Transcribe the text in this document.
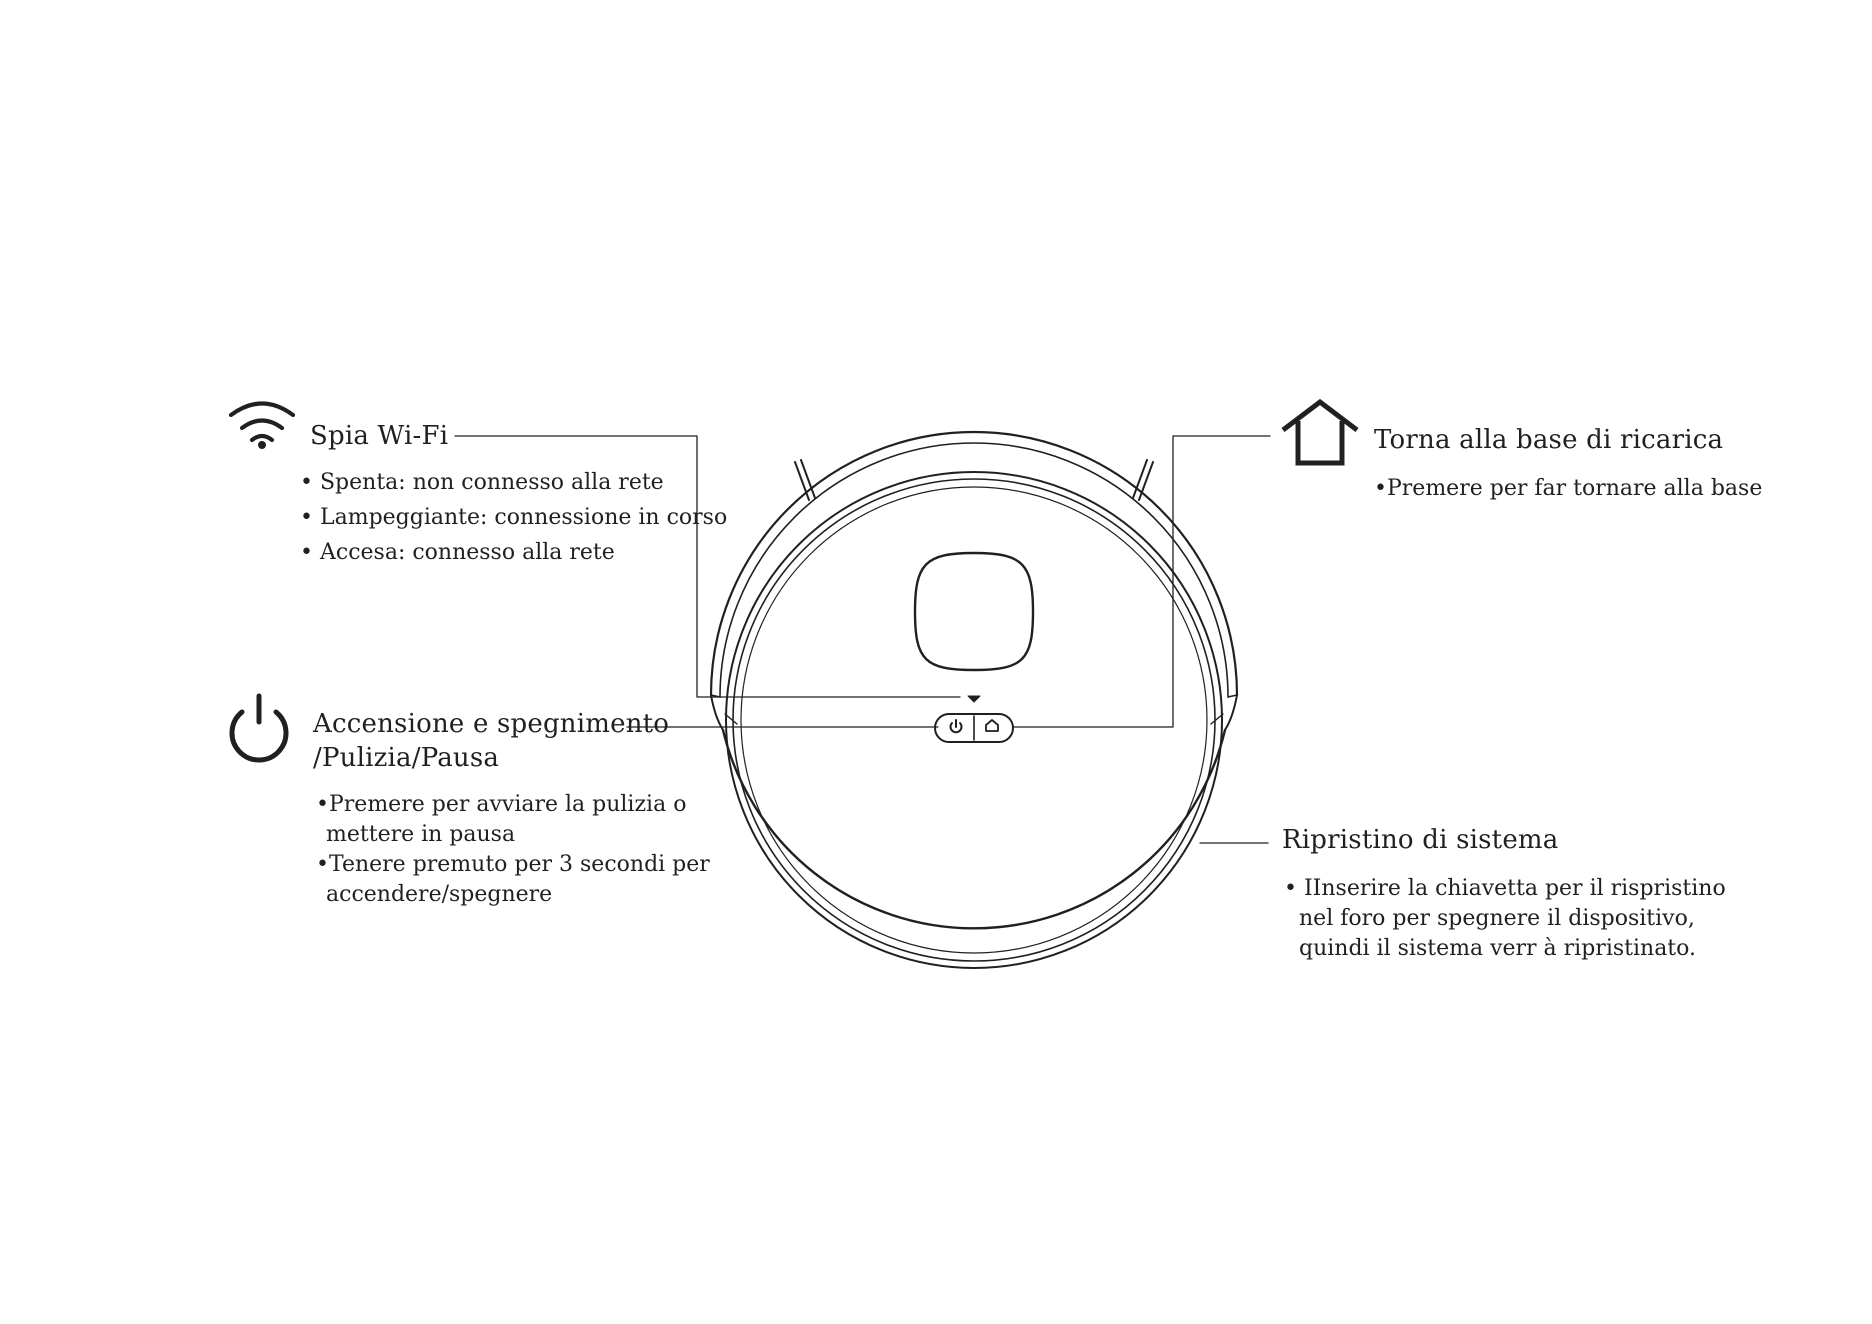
Spia Wi-Fi
• Spenta: non connesso alla rete
• Lampeggiante: connessione in corso
• Accesa: connesso alla rete
Torna alla base di ricarica
•Premere per far tornare alla base
Accensione e spegnimento
/Pulizia/Pausa
•Premere per avviare la pulizia o
mettere in pausa
•Tenere premuto per 3 secondi per
accendere/spegnere
Ripristino di sistema
• IInserire la chiavetta per il rispristino
nel foro per spegnere il dispositivo,
quindi il sistema verr à ripristinato.
